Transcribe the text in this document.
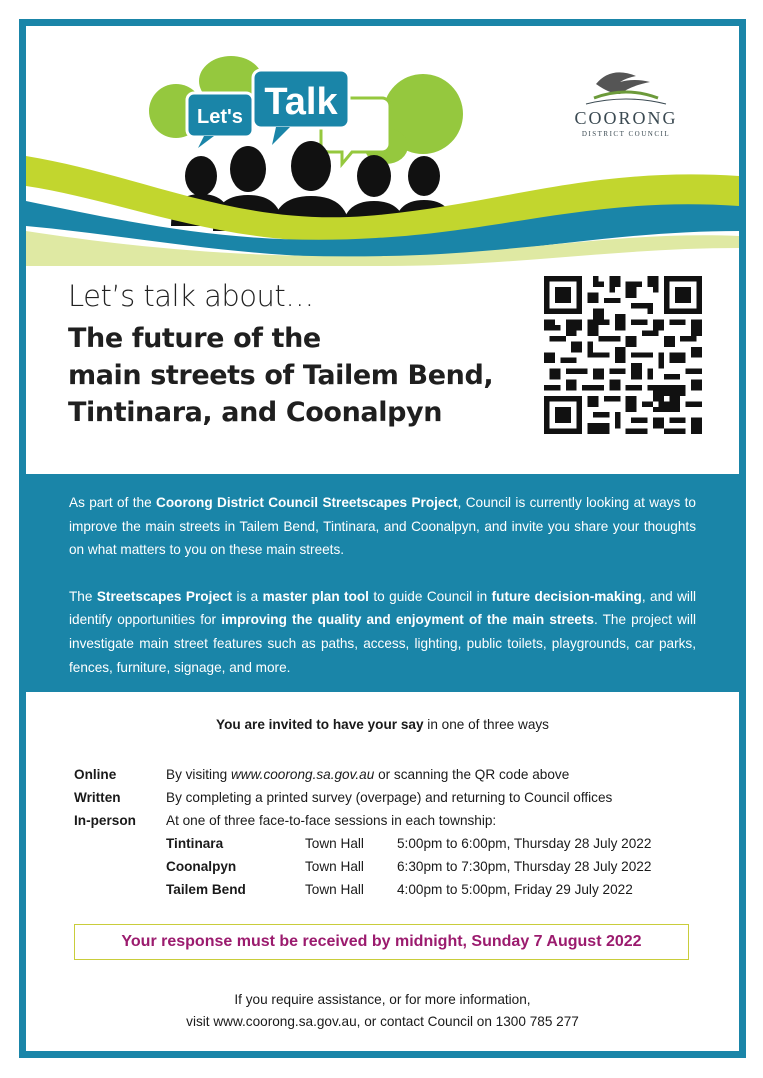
Let's Talk	COORONG
DISTRICT COUNCIL
Let’s talk about…
The future of the
main streets of Tailem Bend,
Tintinara, and Coonalpyn

As part of the Coorong District Council Streetscapes Project, Council is currently looking at ways to improve the main streets in Tailem Bend, Tintinara, and Coonalpyn, and invite you share your thoughts on what matters to you on these main streets.

The Streetscapes Project is a master plan tool to guide Council in future decision-making, and will identify opportunities for improving the quality and enjoyment of the main streets. The project will investigate main street features such as paths, access, lighting, public toilets, playgrounds, car parks, fences, furniture, signage, and more.

You are invited to have your say in one of three ways
Online	By visiting www.coorong.sa.gov.au or scanning the QR code above
Written	By completing a printed survey (overpage) and returning to Council offices
In-person	At one of three face-to-face sessions in each township:
Tintinara	Town Hall	5:00pm to 6:00pm, Thursday 28 July 2022
Coonalpyn	Town Hall	6:30pm to 7:30pm, Thursday 28 July 2022
Tailem Bend	Town Hall	4:00pm to 5:00pm, Friday 29 July 2022
Your response must be received by midnight, Sunday 7 August 2022
If you require assistance, or for more information,
visit www.coorong.sa.gov.au, or contact Council on 1300 785 277
